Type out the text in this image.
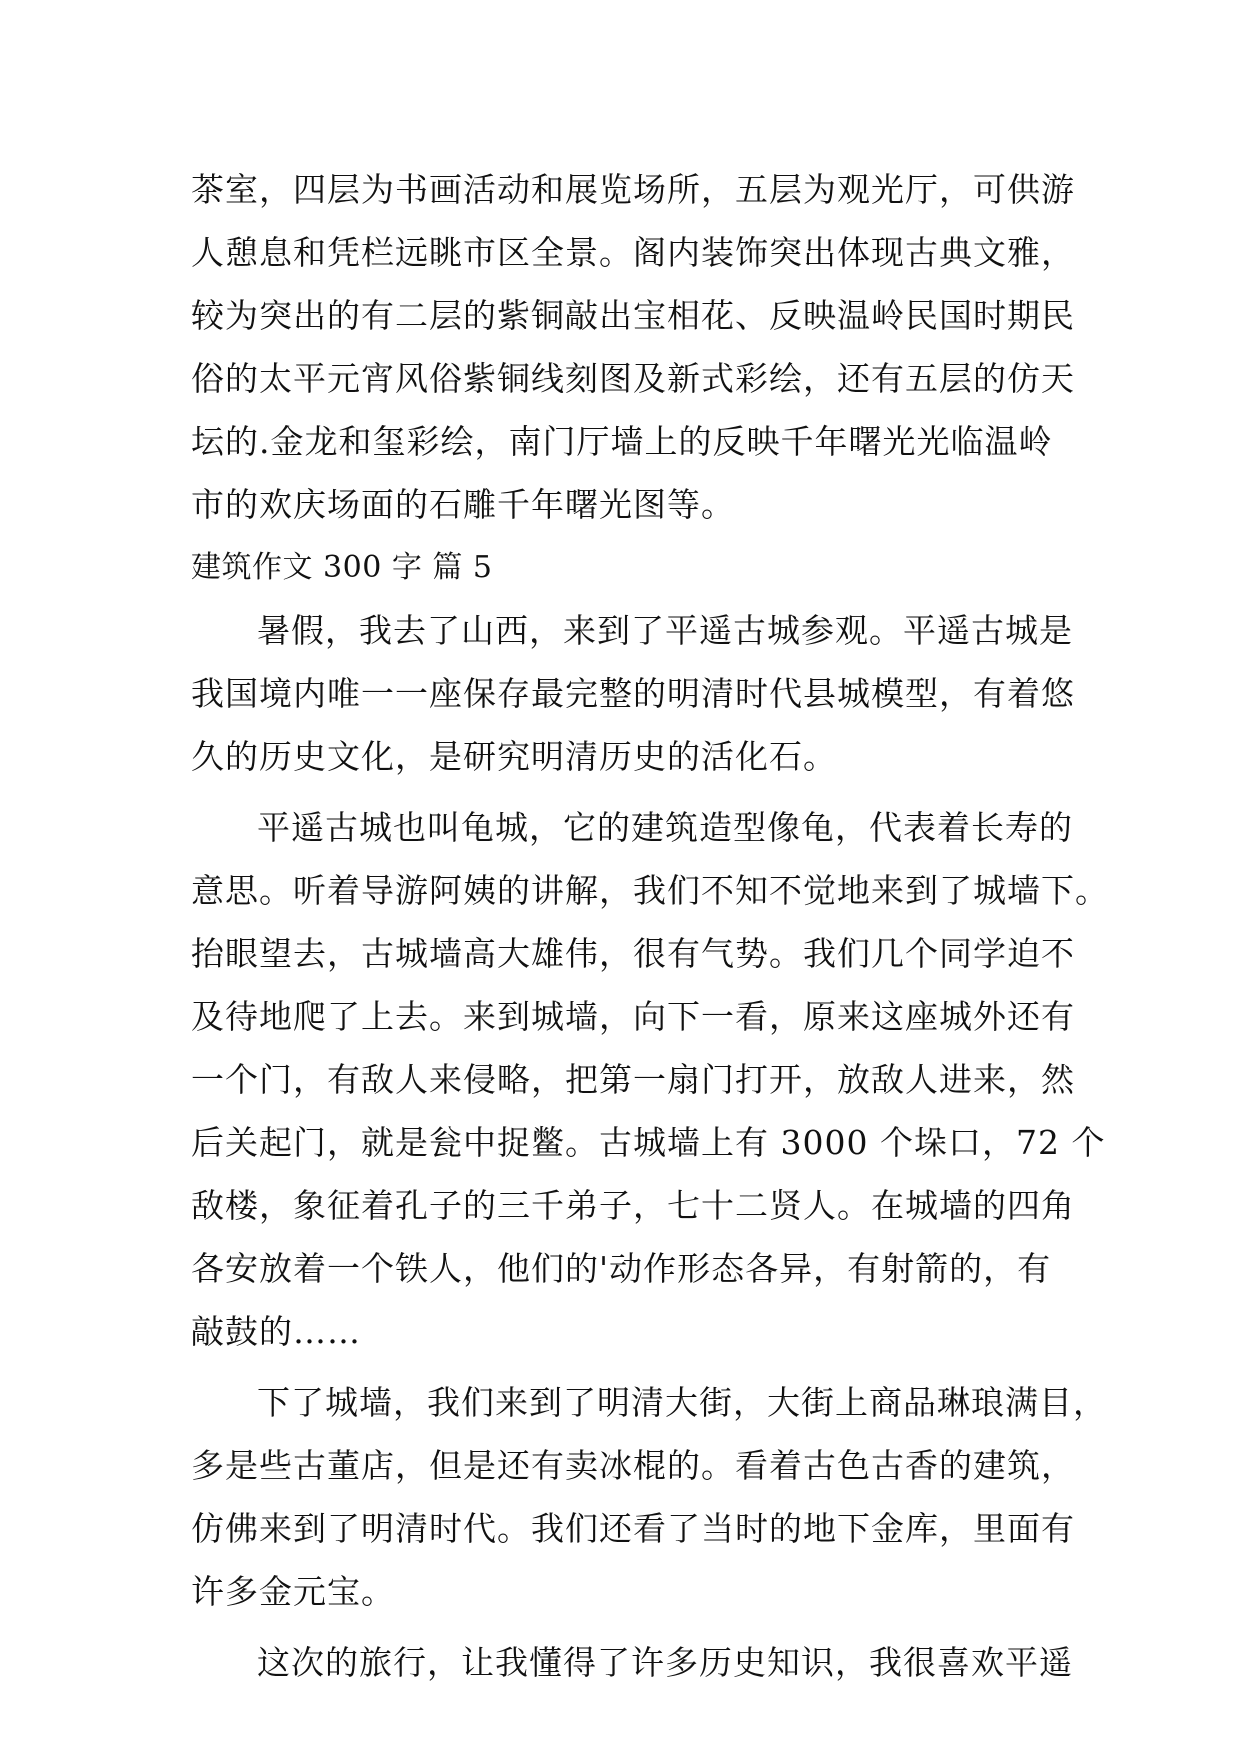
茶室，四层为书画活动和展览场所，五层为观光厅，可供游
人憩息和凭栏远眺市区全景。阁内装饰突出体现古典文雅，
较为突出的有二层的紫铜敲出宝相花、反映温岭民国时期民
俗的太平元宵风俗紫铜线刻图及新式彩绘，还有五层的仿天
坛的.金龙和玺彩绘，南门厅墙上的反映千年曙光光临温岭
市的欢庆场面的石雕千年曙光图等。
建筑作文 300 字 篇 5
暑假，我去了山西，来到了平遥古城参观。平遥古城是
我国境内唯一一座保存最完整的明清时代县城模型，有着悠
久的历史文化，是研究明清历史的活化石。
平遥古城也叫龟城，它的建筑造型像龟，代表着长寿的
意思。听着导游阿姨的讲解，我们不知不觉地来到了城墙下。
抬眼望去，古城墙高大雄伟，很有气势。我们几个同学迫不
及待地爬了上去。来到城墙，向下一看，原来这座城外还有
一个门，有敌人来侵略，把第一扇门打开，放敌人进来，然
后关起门，就是瓮中捉鳖。古城墙上有 3000 个垛口，72 个
敌楼，象征着孔子的三千弟子，七十二贤人。在城墙的四角
各安放着一个铁人，他们的'动作形态各异，有射箭的，有
敲鼓的……
下了城墙，我们来到了明清大街，大街上商品琳琅满目，
多是些古董店，但是还有卖冰棍的。看着古色古香的建筑，
仿佛来到了明清时代。我们还看了当时的地下金库，里面有
许多金元宝。
这次的旅行，让我懂得了许多历史知识，我很喜欢平遥
